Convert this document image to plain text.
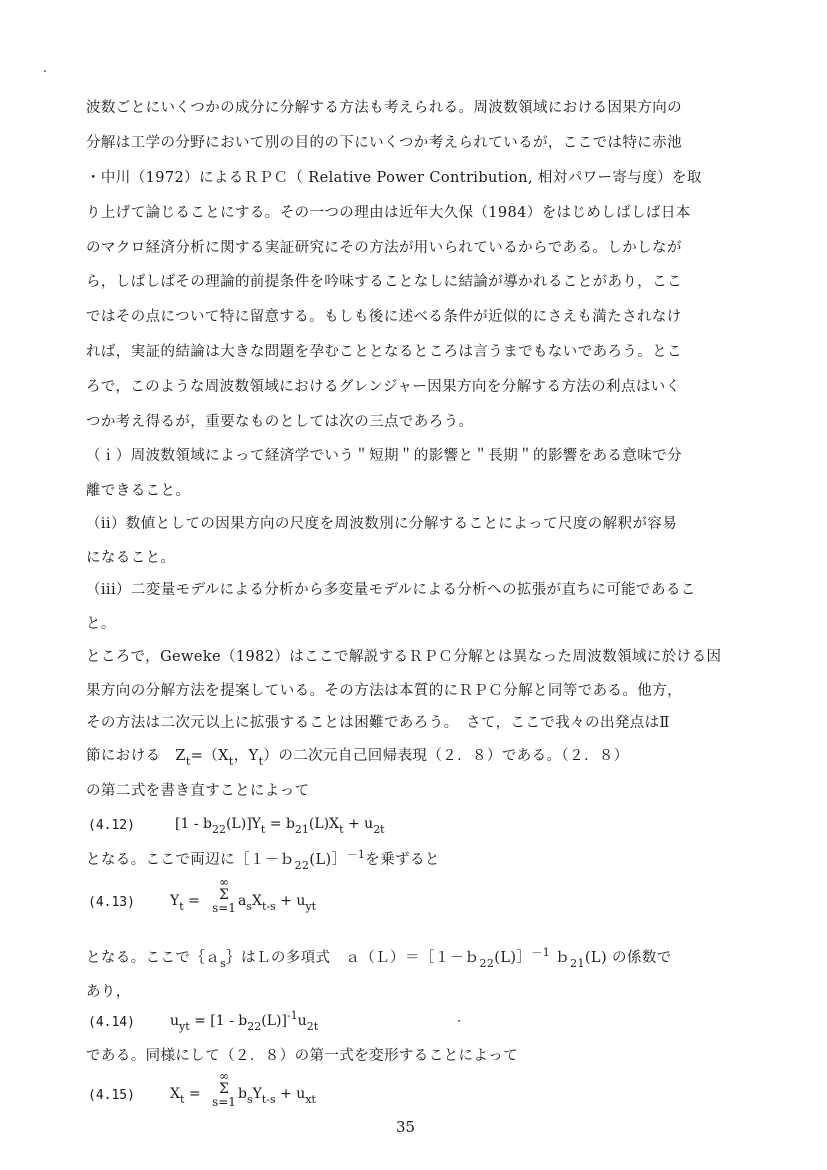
波数ごとにいくつかの成分に分解する方法も考えられる。周波数領域における因果方向の
分解は工学の分野において別の目的の下にいくつか考えられているが，ここでは特に赤池
・中川（1972）によるＲＰＣ（ Relative Power Contribution, 相対パワー寄与度）を取
り上げて論じることにする。その一つの理由は近年大久保（1984）をはじめしばしば日本
のマクロ経済分析に関する実証研究にその方法が用いられているからである。しかしなが
ら，しばしばその理論的前提条件を吟味することなしに結論が導かれることがあり，ここ
ではその点について特に留意する。もしも後に述べる条件が近似的にさえも満たされなけ
れば，実証的結論は大きな問題を孕むこととなるところは言うまでもないであろう。とこ
ろで，このような周波数領域におけるグレンジャー因果方向を分解する方法の利点はいく
つか考え得るが，重要なものとしては次の三点であろう。
（ｉ）周波数領域によって経済学でいう＂短期＂的影響と＂長期＂的影響をある意味で分
離できること。
（ii）数値としての因果方向の尺度を周波数別に分解することによって尺度の解釈が容易
になること。
（iii）二変量モデルによる分析から多変量モデルによる分析への拡張が直ちに可能であるこ
と。
ところで，Geweke（1982）はここで解説するＲＰＣ分解とは異なった周波数領域に於ける因
果方向の分解方法を提案している。その方法は本質的にＲＰＣ分解と同等である。他方，
その方法は二次元以上に拡張することは困難であろう。　さて，ここで我々の出発点はⅡ
節における　$Z_t=(X_t$，$Y_t$）の二次元自己回帰表現（２．８）である。（２．８）
の第二式を書き直すことによって
(4.12)	$[1 - b_{22}(L)]Y_t = b_{21}(L)X_t + u_{2t}$
となる。ここで両辺に［１－ｂ$_{22}$(L)］$^{-1}$を乗ずると
(4.13)	$Y_t$ =
∞
Σ
s=1 $a_sX_{t-s} + u_{yt}$
となる。ここで｛ａ$_s$｝はＬの多項式　ａ（Ｌ）＝［１－ｂ$_{22}$(L)］$^{-1}$ ｂ$_{21}$(L) の係数で
あり，
(4.14)	$u_{yt} = [1 - b_{22}(L)]^{-1}u_{2t}$
である。同様にして（２．８）の第一式を変形することによって
(4.15)	$X_t$ =
∞
Σ
s=1 $b_sY_{t-s} + u_{xt}$
35
